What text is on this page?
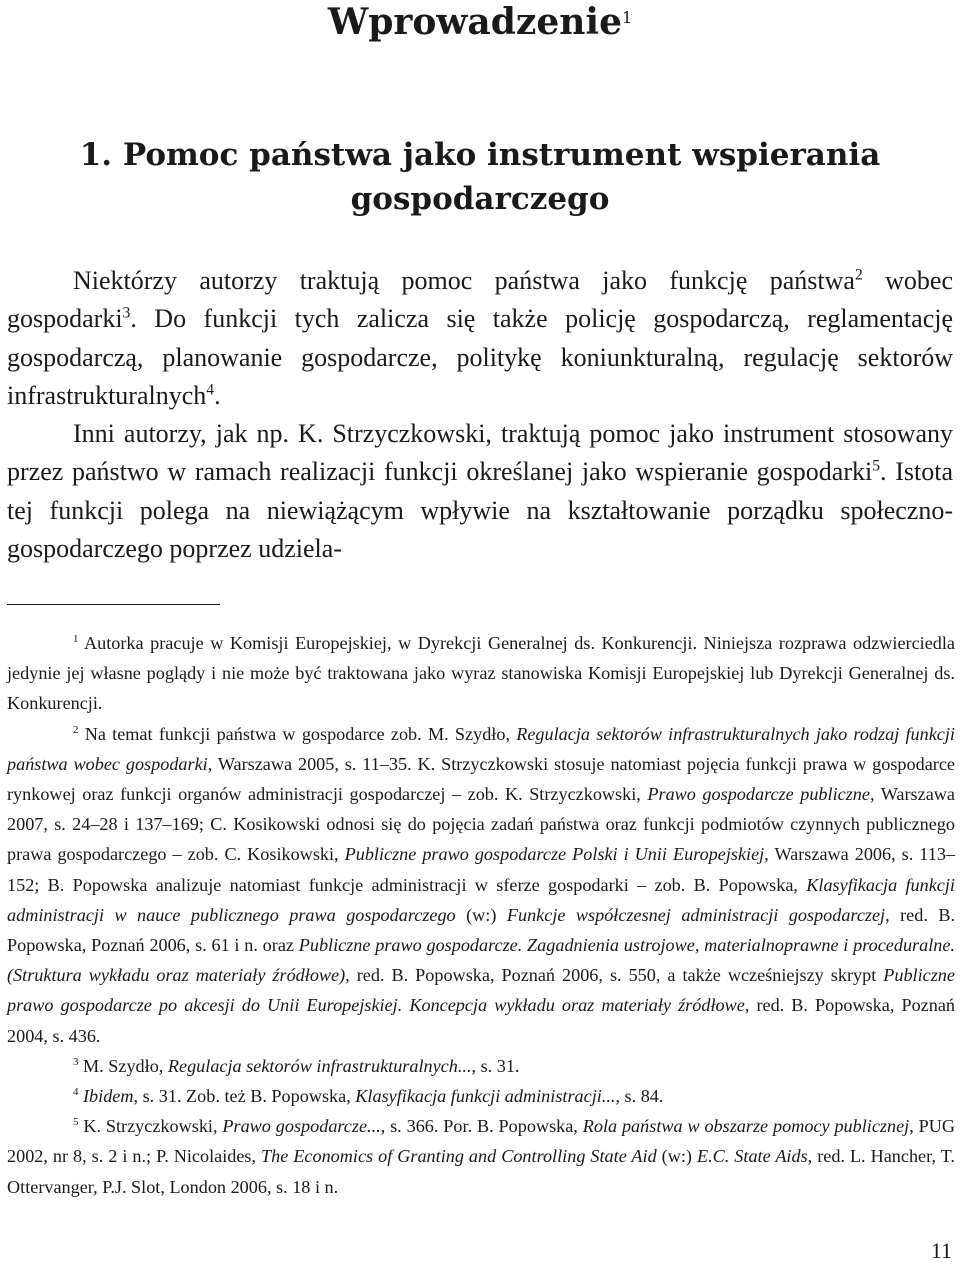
Wprowadzenie$^1$
1. Pomoc państwa jako instrument wspierania
gospodarczego

Niektórzy autorzy traktują pomoc państwa jako funkcję państwa$^2$ wobec gospodarki$^3$. Do funkcji tych zalicza się także policję gospodarczą, reglamentację gospodarczą, planowanie gospodarcze, politykę koniunkturalną, regulację sektorów infrastrukturalnych$^4$.

Inni autorzy, jak np. K. Strzyczkowski, traktują pomoc jako instrument stosowany przez państwo w ramach realizacji funkcji określanej jako wspieranie gospodarki$^5$. Istota tej funkcji polega na niewiążącym wpływie na kształtowanie porządku społeczno-gospodarczego poprzez udziela-

$^1$ Autorka pracuje w Komisji Europejskiej, w Dyrekcji Generalnej ds. Konkurencji. Niniejsza rozprawa odzwierciedla jedynie jej własne poglądy i nie może być traktowana jako wyraz stanowiska Komisji Europejskiej lub Dyrekcji Generalnej ds. Konkurencji.

$^2$ Na temat funkcji państwa w gospodarce zob. M. Szydło, Regulacja sektorów infrastrukturalnych jako rodzaj funkcji państwa wobec gospodarki, Warszawa 2005, s. 11–35. K. Strzyczkowski stosuje natomiast pojęcia funkcji prawa w gospodarce rynkowej oraz funkcji organów administracji gospodarczej – zob. K. Strzyczkowski, Prawo gospodarcze publiczne, Warszawa 2007, s. 24–28 i 137–169; C. Kosikowski odnosi się do pojęcia zadań państwa oraz funkcji podmiotów czynnych publicznego prawa gospodarczego – zob. C. Kosikowski, Publiczne prawo gospodarcze Polski i Unii Europejskiej, Warszawa 2006, s. 113–152; B. Popowska analizuje natomiast funkcje administracji w sferze gospodarki – zob. B. Popowska, Klasyfikacja funkcji administracji w nauce publicznego prawa gospodarczego (w:) Funkcje współczesnej administracji gospodarczej, red. B. Popowska, Poznań 2006, s. 61 i n. oraz Publiczne prawo gospodarcze. Zagadnienia ustrojowe, materialnoprawne i proceduralne. (Struktura wykładu oraz materiały źródłowe), red. B. Popowska, Poznań 2006, s. 550, a także wcześniejszy skrypt Publiczne prawo gospodarcze po akcesji do Unii Europejskiej. Koncepcja wykładu oraz materiały źródłowe, red. B. Popowska, Poznań 2004, s. 436.

$^3$ M. Szydło, Regulacja sektorów infrastrukturalnych..., s. 31.

$^4$ Ibidem, s. 31. Zob. też B. Popowska, Klasyfikacja funkcji administracji..., s. 84.

$^5$ K. Strzyczkowski, Prawo gospodarcze..., s. 366. Por. B. Popowska, Rola państwa w obszarze pomocy publicznej, PUG 2002, nr 8, s. 2 i n.; P. Nicolaides, The Economics of Granting and Controlling State Aid (w:) E.C. State Aids, red. L. Hancher, T. Ottervanger, P.J. Slot, London 2006, s. 18 i n.

11
